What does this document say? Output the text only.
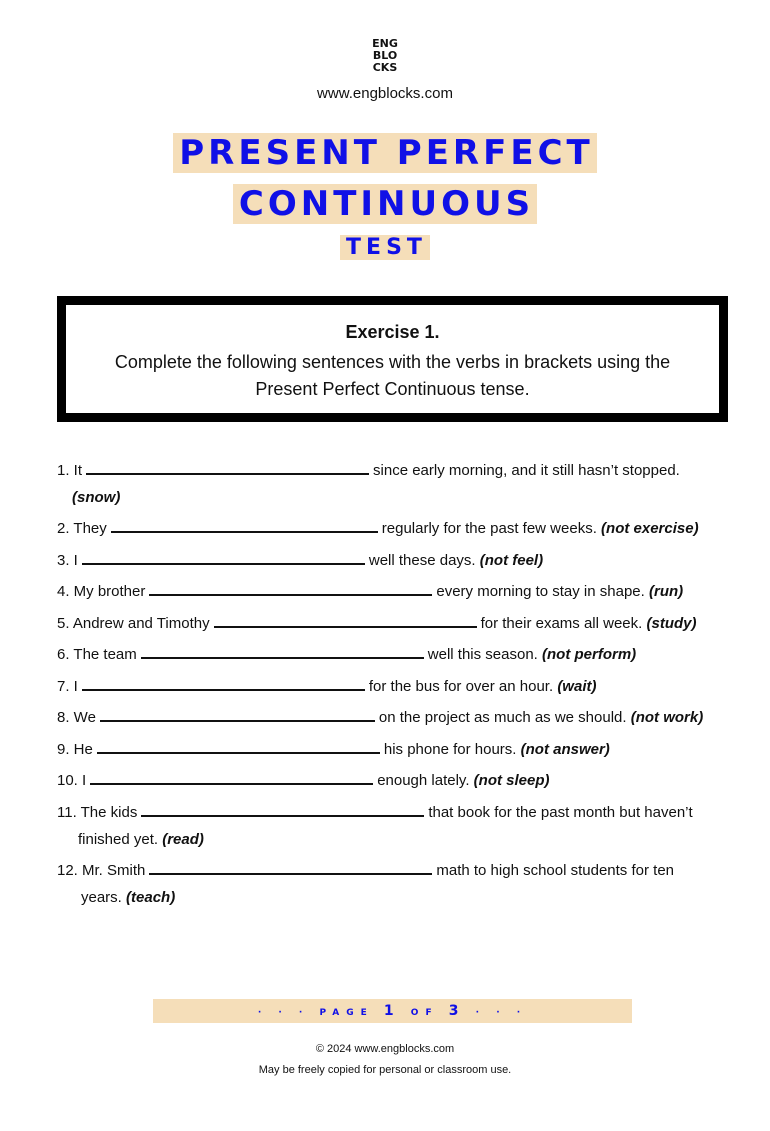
ENG
BLO
CKS
www.engblocks.com
PRESENT PERFECT
CONTINUOUS
TEST
Exercise 1.
Complete the following sentences with the verbs in brackets using the Present Perfect Continuous tense.
1. It	since early morning, and it still hasn’t stopped.
(snow)
2. They	regularly for the past few weeks. (not exercise)
3. I	well these days. (not feel)
4. My brother	every morning to stay in shape. (run)
5. Andrew and Timothy	for their exams all week. (study)
6. The team	well this season. (not perform)
7. I	for the bus for over an hour. (wait)
8. We	on the project as much as we should. (not work)
9. He	his phone for hours. (not answer)
10. I	enough lately. (not sleep)
11. The kids	that book for the past month but haven’t
finished yet. (read)
12. Mr. Smith	math to high school students for ten
years. (teach)
· · · PAGE 1 OF 3 · · ·
© 2024 www.engblocks.com
May be freely copied for personal or classroom use.
